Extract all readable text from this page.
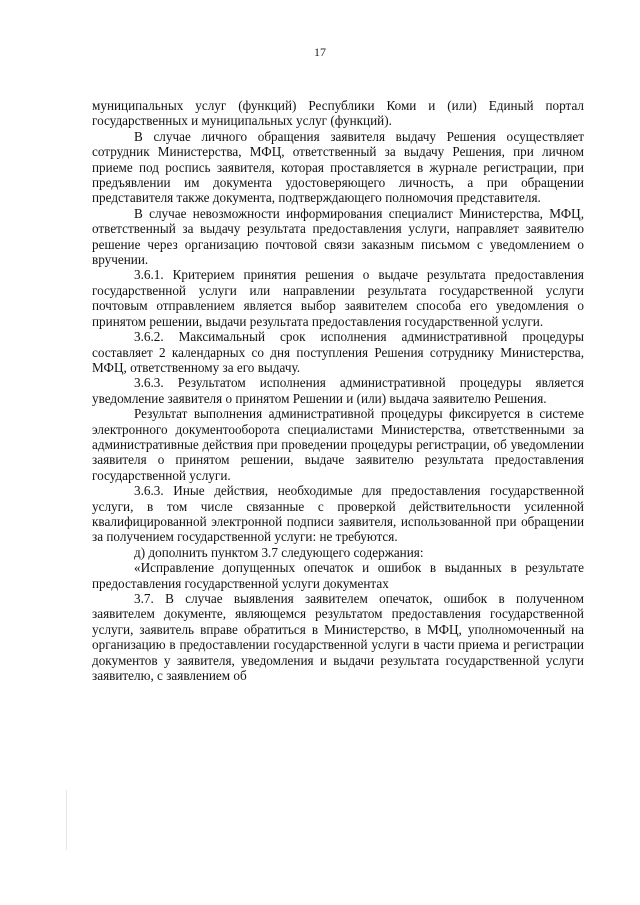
17

муниципальных услуг (функций) Республики Коми и (или) Единый портал государственных и муниципальных услуг (функций).

В случае личного обращения заявителя выдачу Решения осуществляет сотрудник Министерства, МФЦ, ответственный за выдачу Решения, при личном приеме под роспись заявителя, которая проставляется в журнале регистрации, при предъявлении им документа удостоверяющего личность, а при обращении представителя также документа, подтверждающего полномочия представителя.

В случае невозможности информирования специалист Министерства, МФЦ, ответственный за выдачу результата предоставления услуги, направляет заявителю решение через организацию почтовой связи заказным письмом с уведомлением о вручении.

3.6.1. Критерием принятия решения о выдаче результата предоставления государственной услуги или направлении результата государственной услуги почтовым отправлением является выбор заявителем способа его уведомления о принятом решении, выдачи результата предоставления государственной услуги.

3.6.2. Максимальный срок исполнения административной процедуры составляет 2 календарных со дня поступления Решения сотруднику Министерства, МФЦ, ответственному за его выдачу.

3.6.3. Результатом исполнения административной процедуры является уведомление заявителя о принятом Решении и (или) выдача заявителю Решения.

Результат выполнения административной процедуры фиксируется в системе электронного документооборота специалистами Министерства, ответственными за административные действия при проведении процедуры регистрации, об уведомлении заявителя о принятом решении, выдаче заявителю результата предоставления государственной услуги.

3.6.3. Иные действия, необходимые для предоставления государственной услуги, в том числе связанные с проверкой действительности усиленной квалифицированной электронной подписи заявителя, использованной при обращении за получением государственной услуги: не требуются.

д) дополнить пунктом 3.7 следующего содержания:

«Исправление допущенных опечаток и ошибок в выданных в результате предоставления государственной услуги документах

3.7. В случае выявления заявителем опечаток, ошибок в полученном заявителем документе, являющемся результатом предоставления государственной услуги, заявитель вправе обратиться в Министерство, в МФЦ, уполномоченный на организацию в предоставлении государственной услуги в части приема и регистрации документов у заявителя, уведомления и выдачи результата государственной услуги заявителю, с заявлением об
